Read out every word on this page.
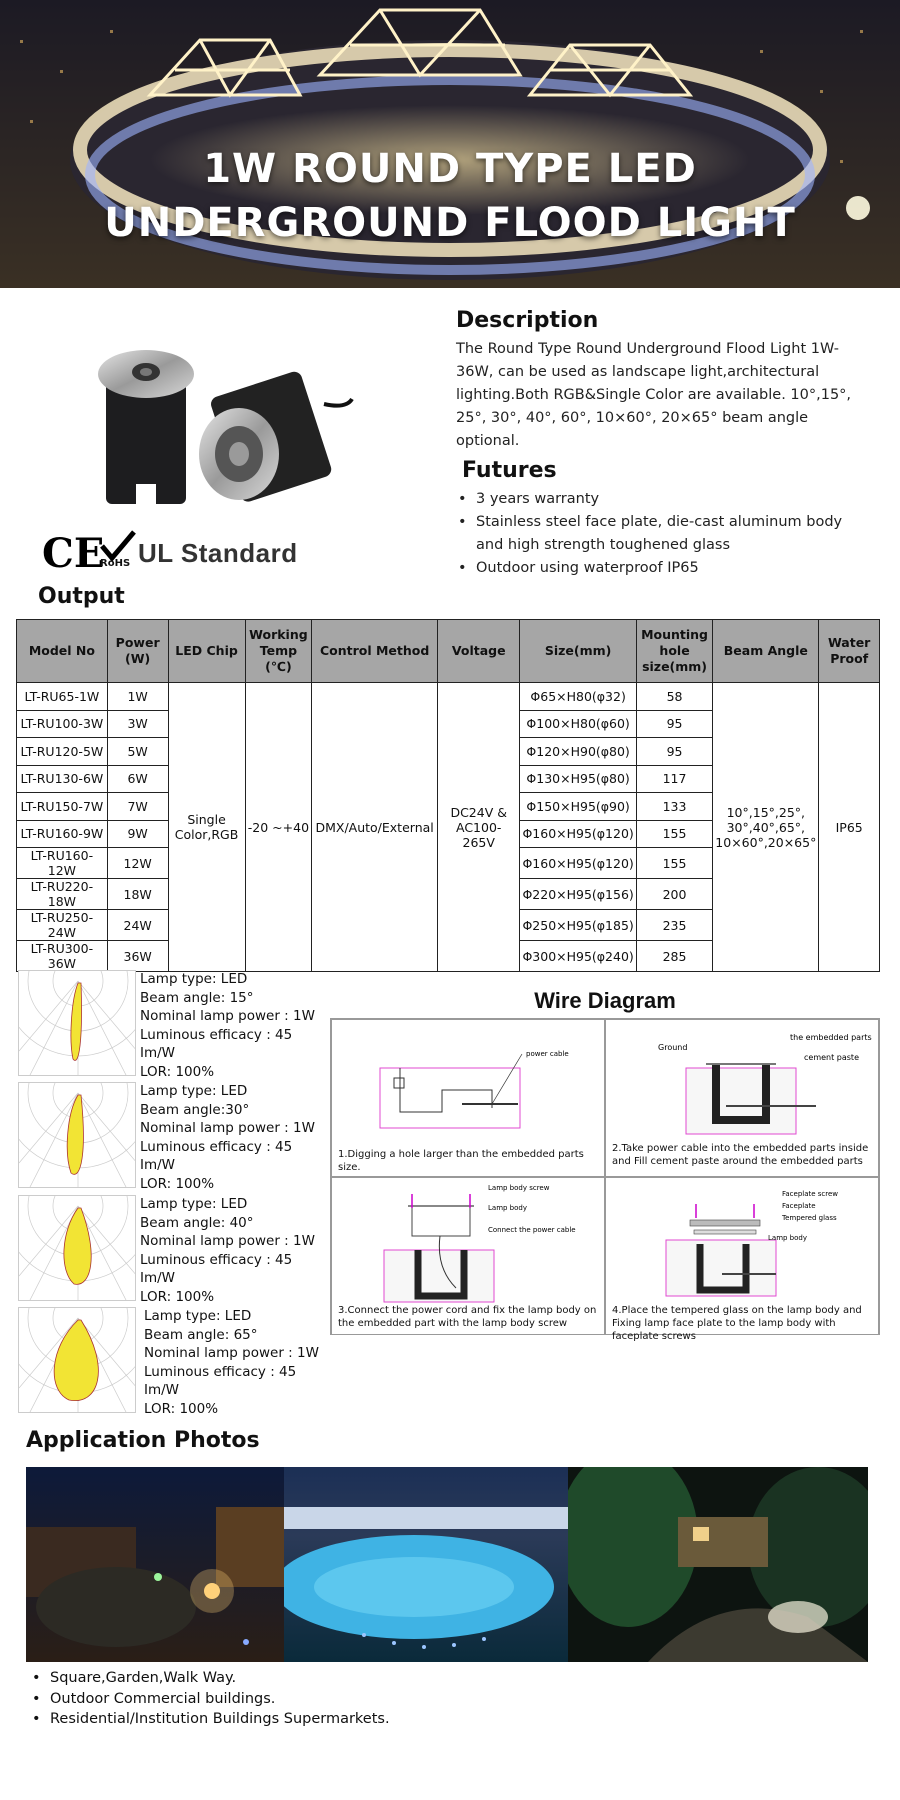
1W ROUND TYPE LED
UNDERGROUND FLOOD LIGHT
CE
RoHS UL Standard
Description
The Round Type Round Underground Flood Light 1W-36W, can be used as landscape light,architectural lighting.Both RGB&Single Color are available. 10°,15°, 25°, 30°, 40°, 60°, 10×60°, 20×65° beam angle optional.
Futures
• 3 years warranty
• Stainless steel face plate, die-cast aluminum body and high strength toughened glass
• Outdoor using waterproof IP65
Output
Model No	Power (W)	LED Chip	Working Temp (℃)	Control Method	Voltage	Size(mm)	Mounting hole size(mm)	Beam Angle	Water Proof
LT-RU65-1W	1W	Single Color,RGB	-20 ~+40	DMX/Auto/External	DC24V & AC100-265V	Φ65×H80(φ32)	58	10°,15°,25°, 30°,40°,65°, 10×60°,20×65°	IP65
LT-RU100-3W	3W					Φ100×H80(φ60)	95		
LT-RU120-5W	5W					Φ120×H90(φ80)	95		
LT-RU130-6W	6W					Φ130×H95(φ80)	117		
LT-RU150-7W	7W					Φ150×H95(φ90)	133		
LT-RU160-9W	9W					Φ160×H95(φ120)	155		
LT-RU160-12W	12W					Φ160×H95(φ120)	155		
LT-RU220-18W	18W					Φ220×H95(φ156)	200		
LT-RU250-24W	24W					Φ250×H95(φ185)	235		
LT-RU300-36W	36W					Φ300×H95(φ240)	285		
Lamp type: LED
Beam angle: 15°
Nominal lamp power : 1W
Luminous efficacy : 45 Im/W
LOR: 100%
Lamp type: LED
Beam angle:30°
Nominal lamp power : 1W
Luminous efficacy : 45 Im/W
LOR: 100%
Lamp type: LED
Beam angle: 40°
Nominal lamp power : 1W
Luminous efficacy : 45 Im/W
LOR: 100%
Lamp type: LED
Beam angle: 65°
Nominal lamp power : 1W
Luminous efficacy : 45 Im/W
LOR: 100%
Wire Diagram
power cable
1.Digging a hole larger than the embedded parts size.
Ground
the embedded parts
cement paste
2.Take power cable into the embedded parts inside and Fill cement paste around the embedded parts
Lamp body screw
Lamp body
Connect the power cable
3.Connect the power cord and fix the lamp body on the embedded part with the lamp body screw
Faceplate screw
Faceplate
Tempered glass
Lamp body
4.Place the tempered glass on the lamp body and Fixing lamp face plate to the lamp body with faceplate screws
Application Photos
• Square,Garden,Walk Way.
• Outdoor Commercial buildings.
• Residential/Institution Buildings Supermarkets.
